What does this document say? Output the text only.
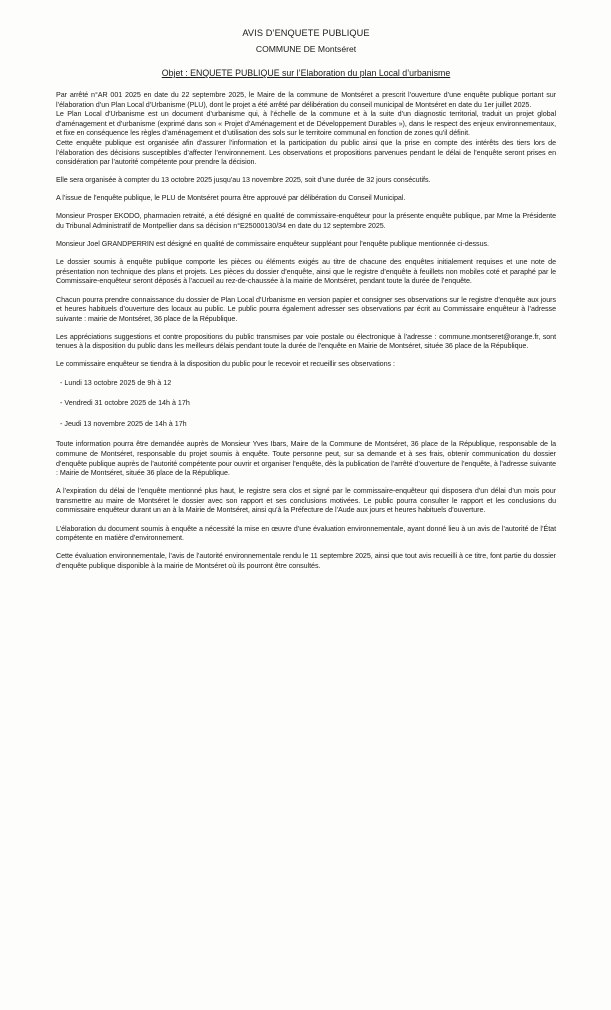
AVIS D’ENQUETE PUBLIQUE
COMMUNE DE Montséret
Objet : ENQUETE PUBLIQUE sur l’Elaboration du plan Local d’urbanisme

Par arrêté n°AR 001 2025 en date du 22 septembre 2025, le Maire de la commune de Montséret a prescrit l’ouverture d’une enquête publique portant sur l’élaboration d’un Plan Local d’Urbanisme (PLU), dont le projet a été arrêté par délibération du conseil municipal de Montséret en date du 1er juillet 2025.

Le Plan Local d’Urbanisme est un document d’urbanisme qui, à l’échelle de la commune et à la suite d’un diagnostic territorial, traduit un projet global d’aménagement et d’urbanisme (exprimé dans son « Projet d’Aménagement et de Développement Durables »), dans le respect des enjeux environnementaux, et fixe en conséquence les règles d’aménagement et d’utilisation des sols sur le territoire communal en fonction de zones qu’il définit.

Cette enquête publique est organisée afin d’assurer l’information et la participation du public ainsi que la prise en compte des intérêts des tiers lors de l’élaboration des décisions susceptibles d’affecter l’environnement. Les observations et propositions parvenues pendant le délai de l’enquête seront prises en considération par l’autorité compétente pour prendre la décision.

Elle sera organisée à compter du 13 octobre 2025 jusqu’au 13 novembre 2025, soit d’une durée de 32 jours consécutifs.

A l’issue de l’enquête publique, le PLU de Montséret pourra être approuvé par délibération du Conseil Municipal.

Monsieur Prosper EKODO, pharmacien retraité, a été désigné en qualité de commissaire-enquêteur pour la présente enquête publique, par Mme la Présidente du Tribunal Administratif de Montpellier dans sa décision n°E25000130/34 en date du 12 septembre 2025.

Monsieur Joel GRANDPERRIN est désigné en qualité de commissaire enquêteur suppléant pour l’enquête publique mentionnée ci-dessus.

Le dossier soumis à enquête publique comporte les pièces ou éléments exigés au titre de chacune des enquêtes initialement requises et une note de présentation non technique des plans et projets. Les pièces du dossier d’enquête, ainsi que le registre d’enquête à feuillets non mobiles coté et paraphé par le Commissaire-enquêteur seront déposés à l’accueil au rez-de-chaussée à la mairie de Montséret, pendant toute la durée de l’enquête.

Chacun pourra prendre connaissance du dossier de Plan Local d’Urbanisme en version papier et consigner ses observations sur le registre d’enquête aux jours et heures habituels d’ouverture des locaux au public. Le public pourra également adresser ses observations par écrit au Commissaire enquêteur à l’adresse suivante : mairie de Montséret, 36 place de la République.

Les appréciations suggestions et contre propositions du public transmises par voie postale ou électronique à l’adresse : commune.montseret@orange.fr, sont tenues à la disposition du public dans les meilleurs délais pendant toute la durée de l’enquête en Mairie de Montséret, située 36 place de la République.

Le commissaire enquêteur se tiendra à la disposition du public pour le recevoir et recueillir ses observations :

- Lundi 13 octobre 2025 de 9h à 12
- Vendredi 31 octobre 2025 de 14h à 17h
- Jeudi 13 novembre 2025 de 14h à 17h

Toute information pourra être demandée auprès de Monsieur Yves Ibars, Maire de la Commune de Montséret, 36 place de la République, responsable de la commune de Montséret, responsable du projet soumis à enquête. Toute personne peut, sur sa demande et à ses frais, obtenir communication du dossier d’enquête publique auprès de l’autorité compétente pour ouvrir et organiser l’enquête, dès la publication de l’arrêté d’ouverture de l’enquête, à l’adresse suivante : Mairie de Montséret, située 36 place de la République.

A l’expiration du délai de l’enquête mentionné plus haut, le registre sera clos et signé par le commissaire-enquêteur qui disposera d’un délai d’un mois pour transmettre au maire de Montséret le dossier avec son rapport et ses conclusions motivées. Le public pourra consulter le rapport et les conclusions du commissaire enquêteur durant un an à la Mairie de Montséret, ainsi qu’à la Préfecture de l’Aude aux jours et heures habituels d’ouverture.

L’élaboration du document soumis à enquête a nécessité la mise en œuvre d’une évaluation environnementale, ayant donné lieu à un avis de l’autorité de l’État compétente en matière d’environnement.

Cette évaluation environnementale, l’avis de l’autorité environnementale rendu le 11 septembre 2025, ainsi que tout avis recueilli à ce titre, font partie du dossier d’enquête publique disponible à la mairie de Montséret où ils pourront être consultés.
